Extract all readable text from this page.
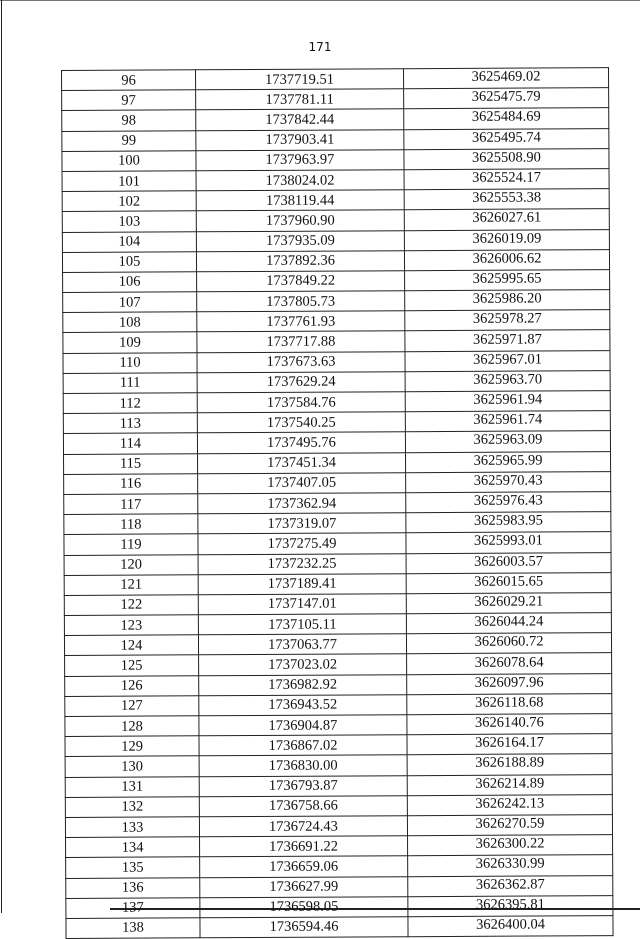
171
96	1737719.51	3625469.02
97	1737781.11	3625475.79
98	1737842.44	3625484.69
99	1737903.41	3625495.74
100	1737963.97	3625508.90
101	1738024.02	3625524.17
102	1738119.44	3625553.38
103	1737960.90	3626027.61
104	1737935.09	3626019.09
105	1737892.36	3626006.62
106	1737849.22	3625995.65
107	1737805.73	3625986.20
108	1737761.93	3625978.27
109	1737717.88	3625971.87
110	1737673.63	3625967.01
111	1737629.24	3625963.70
112	1737584.76	3625961.94
113	1737540.25	3625961.74
114	1737495.76	3625963.09
115	1737451.34	3625965.99
116	1737407.05	3625970.43
117	1737362.94	3625976.43
118	1737319.07	3625983.95
119	1737275.49	3625993.01
120	1737232.25	3626003.57
121	1737189.41	3626015.65
122	1737147.01	3626029.21
123	1737105.11	3626044.24
124	1737063.77	3626060.72
125	1737023.02	3626078.64
126	1736982.92	3626097.96
127	1736943.52	3626118.68
128	1736904.87	3626140.76
129	1736867.02	3626164.17
130	1736830.00	3626188.89
131	1736793.87	3626214.89
132	1736758.66	3626242.13
133	1736724.43	3626270.59
134	1736691.22	3626300.22
135	1736659.06	3626330.99
136	1736627.99	3626362.87
137	1736598.05	3626395.81
138	1736594.46	3626400.04
